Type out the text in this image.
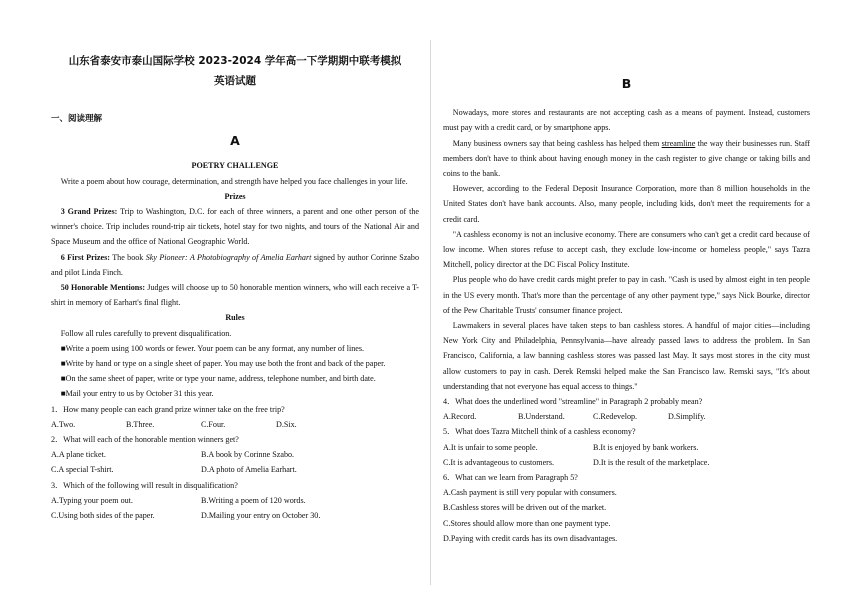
山东省泰安市泰山国际学校 2023-2024 学年高一下学期期中联考模拟
英语试题
一、阅读理解
A
POETRY CHALLENGE

Write a poem about how courage, determination, and strength have helped you face challenges in your life.

Prizes

3 Grand Prizes: Trip to Washington, D.C. for each of three winners, a parent and one other person of the winner's choice. Trip includes round-trip air tickets, hotel stay for two nights, and tours of the National Air and Space Museum and the office of National Geographic World.

6 First Prizes: The book Sky Pioneer: A Photobiography of Amelia Earhart signed by author Corinne Szabo and pilot Linda Finch.

50 Honorable Mentions: Judges will choose up to 50 honorable mention winners, who will each receive a T-shirt in memory of Earhart's final flight.

Rules

Follow all rules carefully to prevent disqualification.

■Write a poem using 100 words or fewer. Your poem can be any format, any number of lines.

■Write by hand or type on a single sheet of paper. You may use both the front and back of the paper.

■On the same sheet of paper, write or type your name, address, telephone number, and birth date.

■Mail your entry to us by October 31 this year.

1．How many people can each grand prize winner take on the free trip?

A.Two.	B.Three.	C.Four.	D.Six.

2．What will each of the honorable mention winners get?

A.A plane ticket.	B.A book by Corinne Szabo.
C.A special T-shirt.	D.A photo of Amelia Earhart.

3．Which of the following will result in disqualification?

A.Typing your poem out.	B.Writing a poem of 120 words.
C.Using both sides of the paper.	D.Mailing your entry on October 30.
B

Nowadays, more stores and restaurants are not accepting cash as a means of payment. Instead, customers must pay with a credit card, or by smartphone apps.

Many business owners say that being cashless has helped them streamline the way their businesses run. Staff members don't have to think about having enough money in the cash register to give change or taking bills and coins to the bank.

However, according to the Federal Deposit Insurance Corporation, more than 8 million households in the United States don't have bank accounts. Also, many people, including kids, don't meet the requirements for a credit card.

"A cashless economy is not an inclusive economy. There are consumers who can't get a credit card because of low income. When stores refuse to accept cash, they exclude low-income or homeless people," says Tazra Mitchell, policy director at the DC Fiscal Policy Institute.

Plus people who do have credit cards might prefer to pay in cash. "Cash is used by almost eight in ten people in the US every month. That's more than the percentage of any other payment type," says Nick Bourke, director of the Pew Charitable Trusts' consumer finance project.

Lawmakers in several places have taken steps to ban cashless stores. A handful of major cities—including New York City and Philadelphia, Pennsylvania—have already passed laws to address the problem. In San Francisco, California, a law banning cashless stores was passed last May. It says most stores in the city must allow customers to pay in cash. Derek Remski helped make the San Francisco law. Remski says, "It's about understanding that not everyone has equal access to things."

4．What does the underlined word "streamline" in Paragraph 2 probably mean?

A.Record.	B.Understand.	C.Redevelop.	D.Simplify.

5．What does Tazra Mitchell think of a cashless economy?

A.It is unfair to some people.	B.It is enjoyed by bank workers.
C.It is advantageous to customers.	D.It is the result of the marketplace.

6．What can we learn from Paragraph 5?

A.Cash payment is still very popular with consumers.

B.Cashless stores will be driven out of the market.

C.Stores should allow more than one payment type.

D.Paying with credit cards has its own disadvantages.
